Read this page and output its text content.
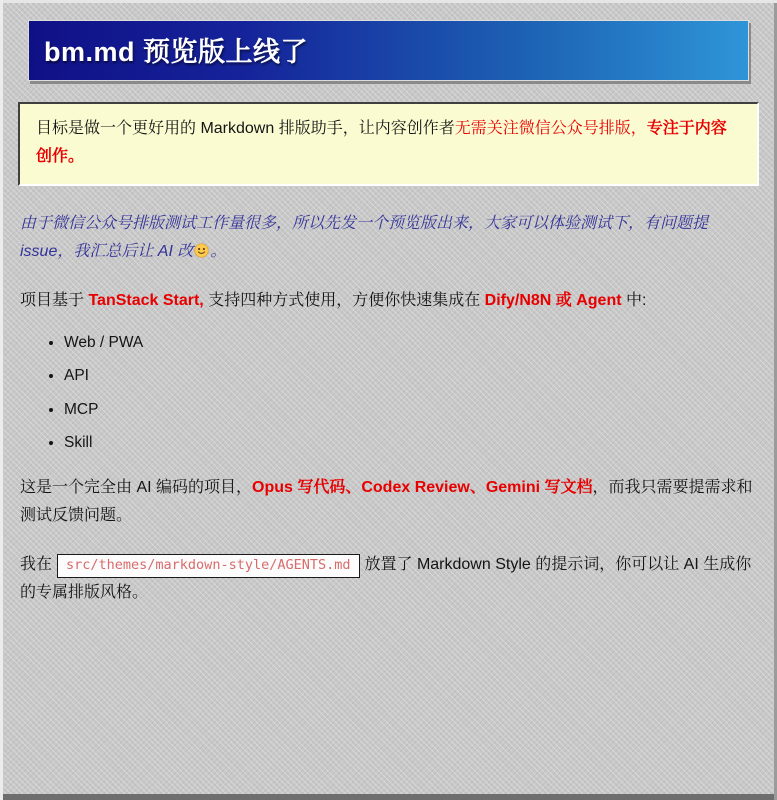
bm.md 预览版上线了
目标是做一个更好用的 Markdown 排版助手，让内容创作者无需关注微信公众号排版，专注于内容创作。

由于微信公众号排版测试工作量很多，所以先发一个预览版出来，大家可以体验测试下，有问题提 issue，我汇总后让 AI 改 。

项目基于 TanStack Start, 支持四种方式使用，方便你快速集成在 Dify/N8N 或 Agent 中:

• Web / PWA
• API
• MCP
• Skill

这是一个完全由 AI 编码的项目，Opus 写代码、Codex Review、Gemini 写文档，而我只需要提需求和测试反馈问题。

我在 src/themes/markdown-style/AGENTS.md 放置了 Markdown Style 的提示词，你可以让 AI 生成你的专属排版风格。
